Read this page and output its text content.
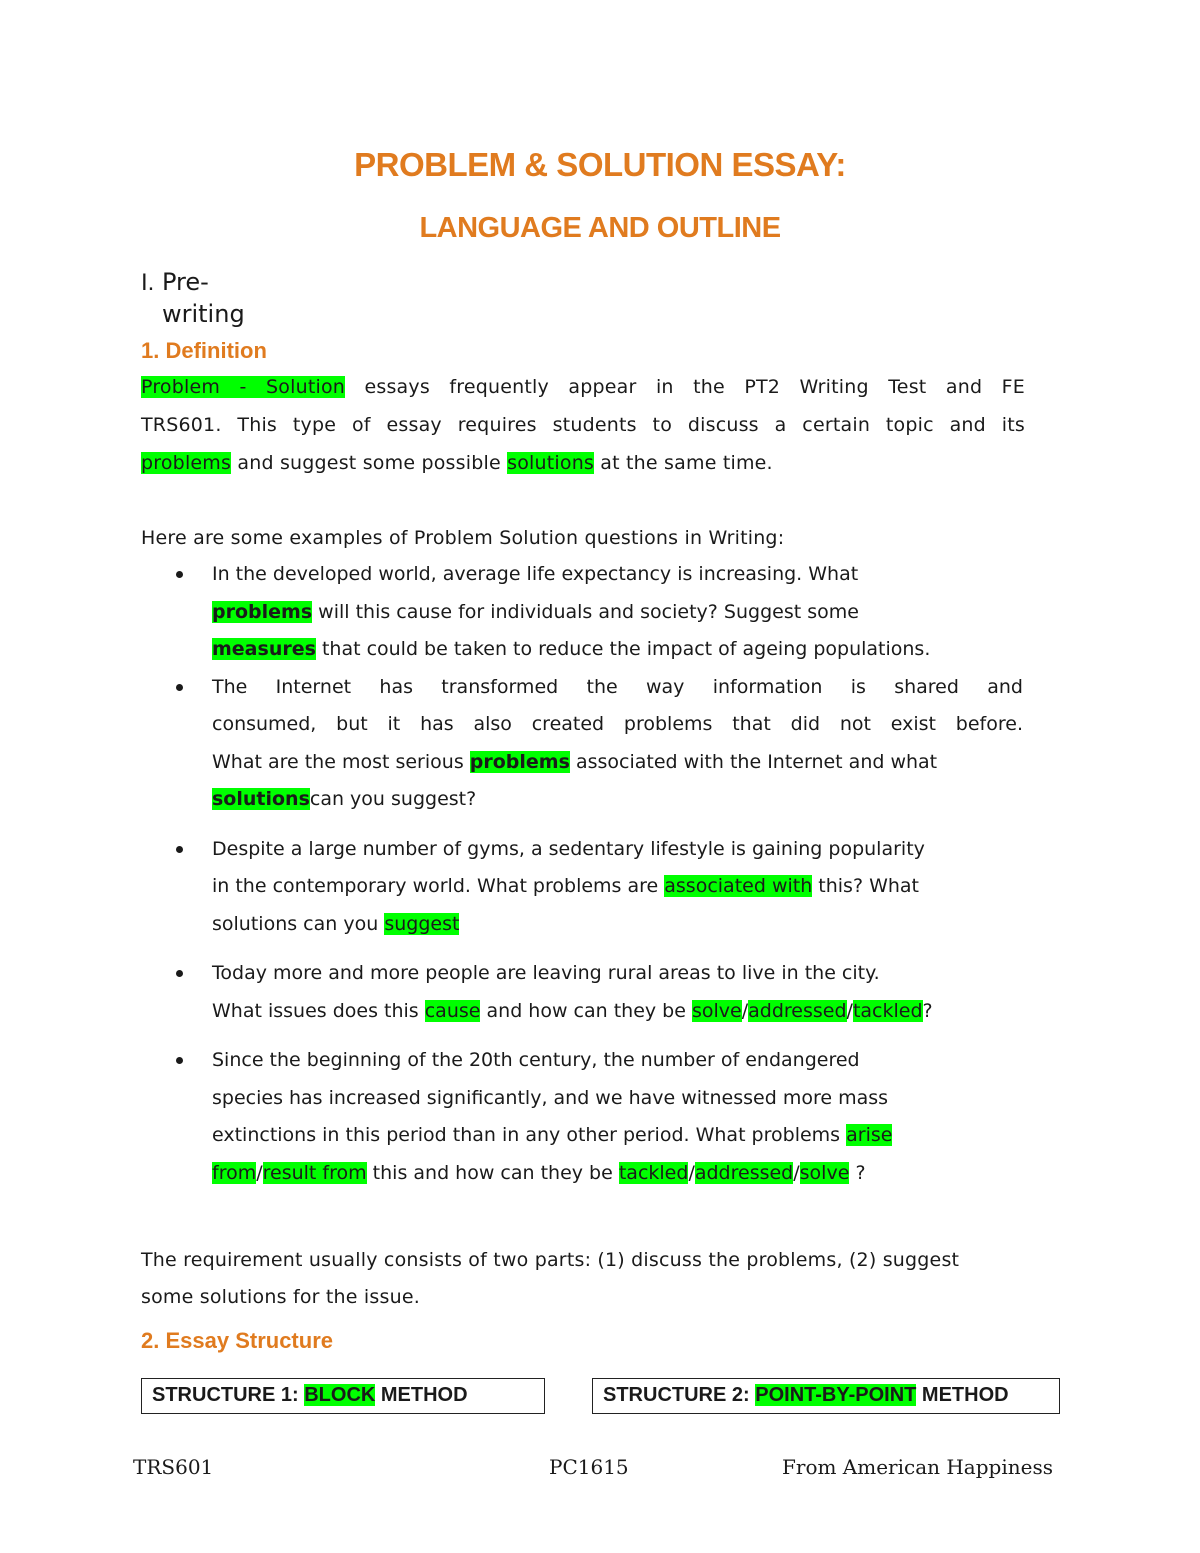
PROBLEM & SOLUTION ESSAY:
LANGUAGE AND OUTLINE
I. Pre-writing
1. Definition
Problem - Solution essays frequently appear in the PT2 Writing Test and FE
TRS601. This type of essay requires students to discuss a certain topic and its
problems and suggest some possible solutions at the same time.
Here are some examples of Problem Solution questions in Writing:
In the developed world, average life expectancy is increasing. What
problems will this cause for individuals and society? Suggest some
measures that could be taken to reduce the impact of ageing populations.
The Internet has transformed the way information is shared and
consumed, but it has also created problems that did not exist before.
What are the most serious problems associated with the Internet and what
solutionscan you suggest?
Despite a large number of gyms, a sedentary lifestyle is gaining popularity
in the contemporary world. What problems are associated with this? What
solutions can you suggest
Today more and more people are leaving rural areas to live in the city.
What issues does this cause and how can they be solve/addressed/tackled?
Since the beginning of the 20th century, the number of endangered
species has increased significantly, and we have witnessed more mass
extinctions in this period than in any other period. What problems arise
from/result from this and how can they be tackled/addressed/solve ?
The requirement usually consists of two parts: (1) discuss the problems, (2) suggest
some solutions for the issue.
2. Essay Structure
STRUCTURE 1: BLOCK METHOD	STRUCTURE 2: POINT-BY-POINT METHOD
TRS601	PC1615	From American Happiness
